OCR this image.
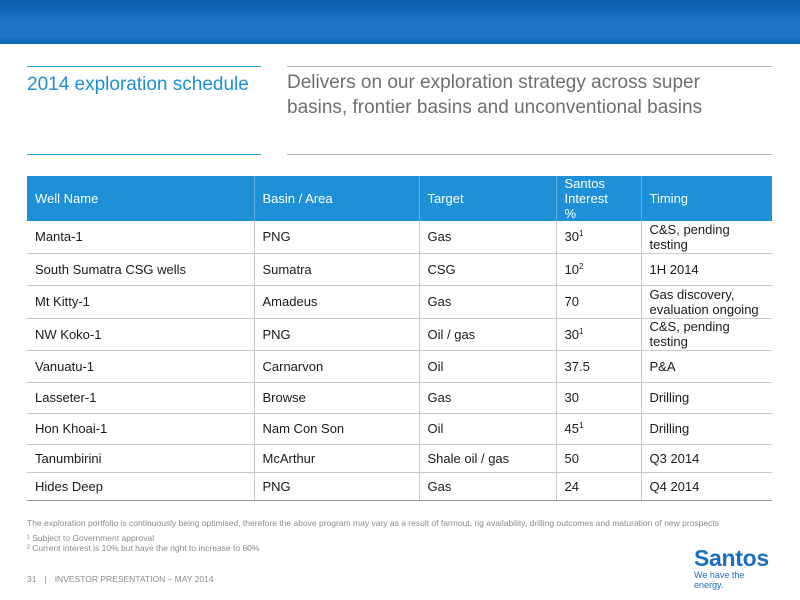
2014 exploration schedule Delivers on our exploration strategy across super basins, frontier basins and unconventional basins
Well Name	Basin / Area	Target	Santos Interest %	Timing
Manta-1	PNG	Gas	$30^1$	C&S, pending testing
South Sumatra CSG wells	Sumatra	CSG	$10^2$	1H 2014
Mt Kitty-1	Amadeus	Gas	70	Gas discovery, evaluation ongoing
NW Koko-1	PNG	Oil / gas	$30^1$	C&S, pending testing
Vanuatu-1	Carnarvon	Oil	37.5	P&A
Lasseter-1	Browse	Gas	30	Drilling
Hon Khoai-1	Nam Con Son	Oil	$45^1$	Drilling
Tanumbirini	McArthur	Shale oil / gas	50	Q3 2014
Hides Deep	PNG	Gas	24	Q4 2014
The exploration portfolio is continuously being optimised, therefore the above program may vary as a result of farmout, rig availability, drilling outcomes and maturation of new prospects
¹ Subject to Government approval
² Current interest is 10% but have the right to increase to 60%
31 | INVESTOR PRESENTATION – MAY 2014
Santos
We have the energy.
